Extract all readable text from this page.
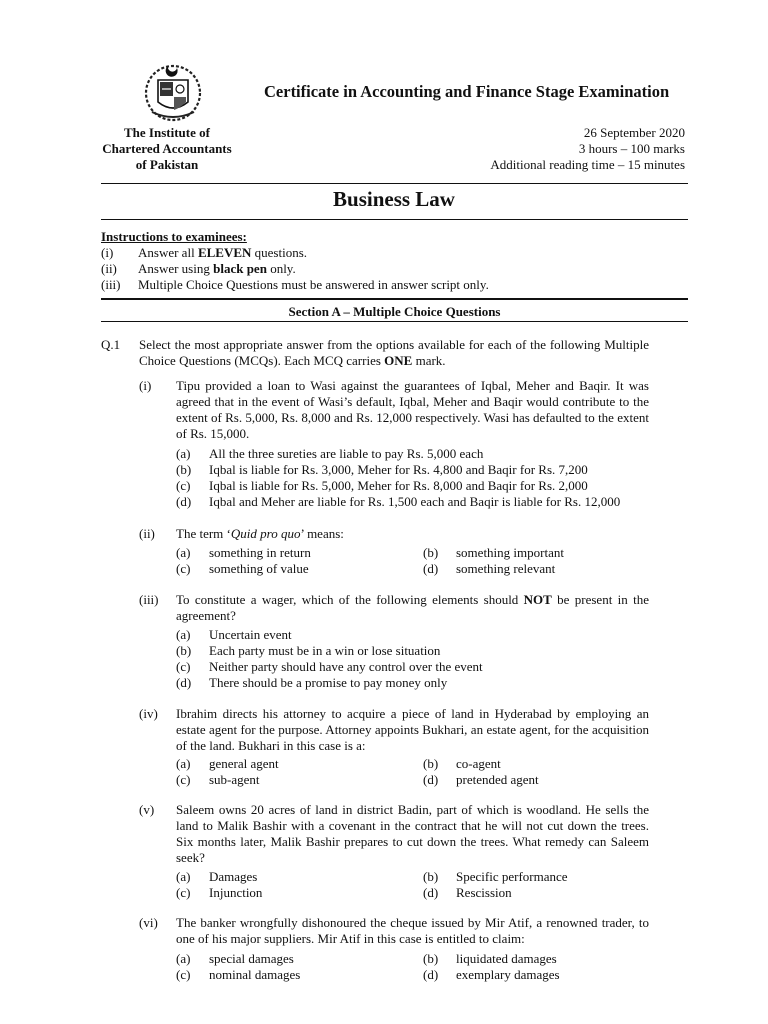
Certificate in Accounting and Finance Stage Examination
The Institute of
Chartered Accountants
of Pakistan
26 September 2020
3 hours – 100 marks
Additional reading time – 15 minutes
Business Law
Instructions to examinees:
(i) Answer all ELEVEN questions.
(ii) Answer using black pen only.
(iii) Multiple Choice Questions must be answered in answer script only.
Section A – Multiple Choice Questions
Q.1 Select the most appropriate answer from the options available for each of the following Multiple Choice Questions (MCQs). Each MCQ carries ONE mark.
(i) Tipu provided a loan to Wasi against the guarantees of Iqbal, Meher and Baqir. It was agreed that in the event of Wasi’s default, Iqbal, Meher and Baqir would contribute to the extent of Rs. 5,000, Rs. 8,000 and Rs. 12,000 respectively. Wasi has defaulted to the extent of Rs. 15,000.
(a) All the three sureties are liable to pay Rs. 5,000 each
(b) Iqbal is liable for Rs. 3,000, Meher for Rs. 4,800 and Baqir for Rs. 7,200
(c) Iqbal is liable for Rs. 5,000, Meher for Rs. 8,000 and Baqir for Rs. 2,000
(d) Iqbal and Meher are liable for Rs. 1,500 each and Baqir is liable for Rs. 12,000
(ii) The term ‘Quid pro quo’ means:
(a) something in return	(b) something important
(c) something of value	(d) something relevant
(iii) To constitute a wager, which of the following elements should NOT be present in the agreement?
(a) Uncertain event
(b) Each party must be in a win or lose situation
(c) Neither party should have any control over the event
(d) There should be a promise to pay money only
(iv) Ibrahim directs his attorney to acquire a piece of land in Hyderabad by employing an estate agent for the purpose. Attorney appoints Bukhari, an estate agent, for the acquisition of the land. Bukhari in this case is a:
(a) general agent	(b) co-agent
(c) sub-agent	(d) pretended agent
(v) Saleem owns 20 acres of land in district Badin, part of which is woodland. He sells the land to Malik Bashir with a covenant in the contract that he will not cut down the trees. Six months later, Malik Bashir prepares to cut down the trees. What remedy can Saleem seek?
(a) Damages	(b) Specific performance
(c) Injunction	(d) Rescission
(vi) The banker wrongfully dishonoured the cheque issued by Mir Atif, a renowned trader, to one of his major suppliers. Mir Atif in this case is entitled to claim:
(a) special damages	(b) liquidated damages
(c) nominal damages	(d) exemplary damages
